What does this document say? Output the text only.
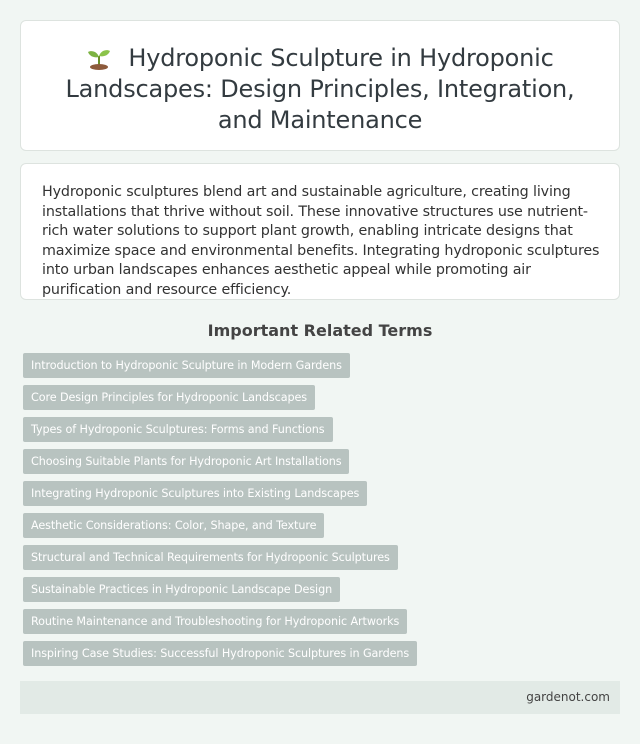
Hydroponic Sculpture in Hydroponic Landscapes: Design Principles, Integration, and Maintenance

Hydroponic sculptures blend art and sustainable agriculture, creating living installations that thrive without soil. These innovative structures use nutrient-rich water solutions to support plant growth, enabling intricate designs that maximize space and environmental benefits. Integrating hydroponic sculptures into urban landscapes enhances aesthetic appeal while promoting air purification and resource efficiency.

Important Related Terms
Introduction to Hydroponic Sculpture in Modern Gardens
Core Design Principles for Hydroponic Landscapes
Types of Hydroponic Sculptures: Forms and Functions
Choosing Suitable Plants for Hydroponic Art Installations
Integrating Hydroponic Sculptures into Existing Landscapes
Aesthetic Considerations: Color, Shape, and Texture
Structural and Technical Requirements for Hydroponic Sculptures
Sustainable Practices in Hydroponic Landscape Design
Routine Maintenance and Troubleshooting for Hydroponic Artworks
Inspiring Case Studies: Successful Hydroponic Sculptures in Gardens
gardenot.com
